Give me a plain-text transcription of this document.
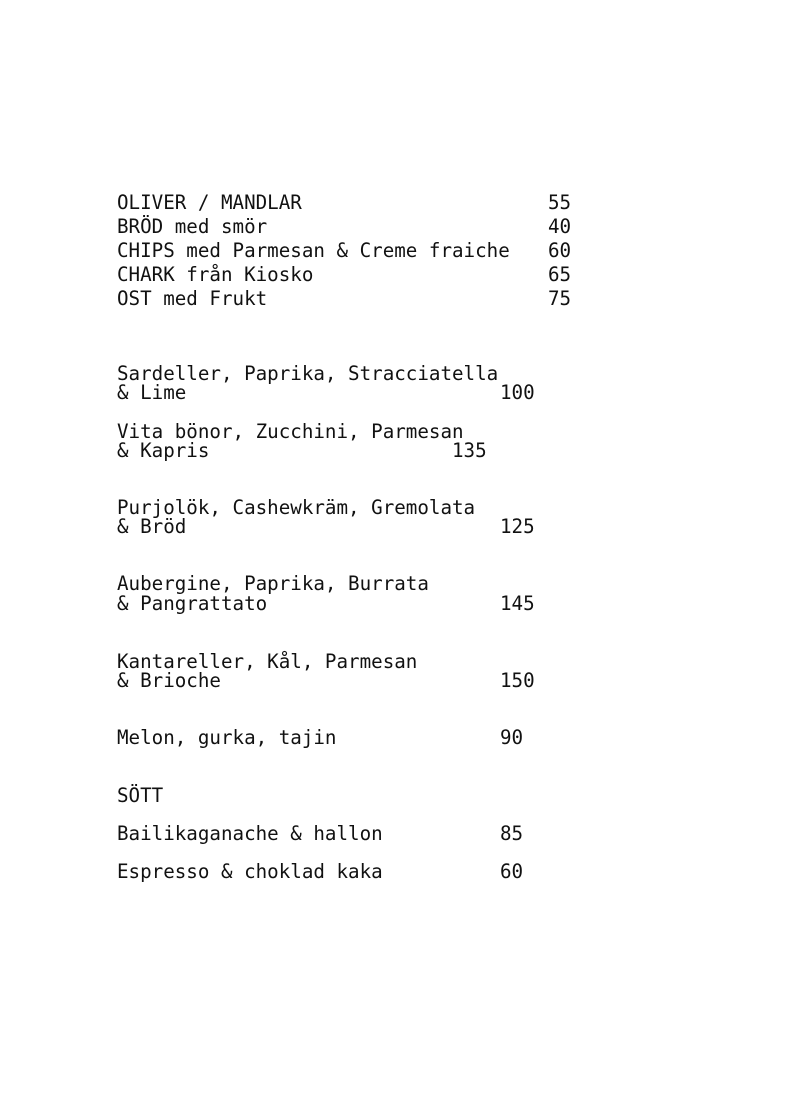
OLIVER / MANDLAR	55
BRÖD med smör	40
CHIPS med Parmesan & Creme fraiche 60
CHARK från Kiosko	65
OST med Frukt	75
Sardeller, Paprika, Stracciatella
& Lime	100
Vita bönor, Zucchini, Parmesan
& Kapris	135
Purjolök, Cashewkräm, Gremolata
& Bröd	125
Aubergine, Paprika, Burrata
& Pangrattato	145
Kantareller, Kål, Parmesan
& Brioche	150
Melon, gurka, tajin	90
SÖTT
Bailikaganache & hallon	85
Espresso & choklad kaka	60
